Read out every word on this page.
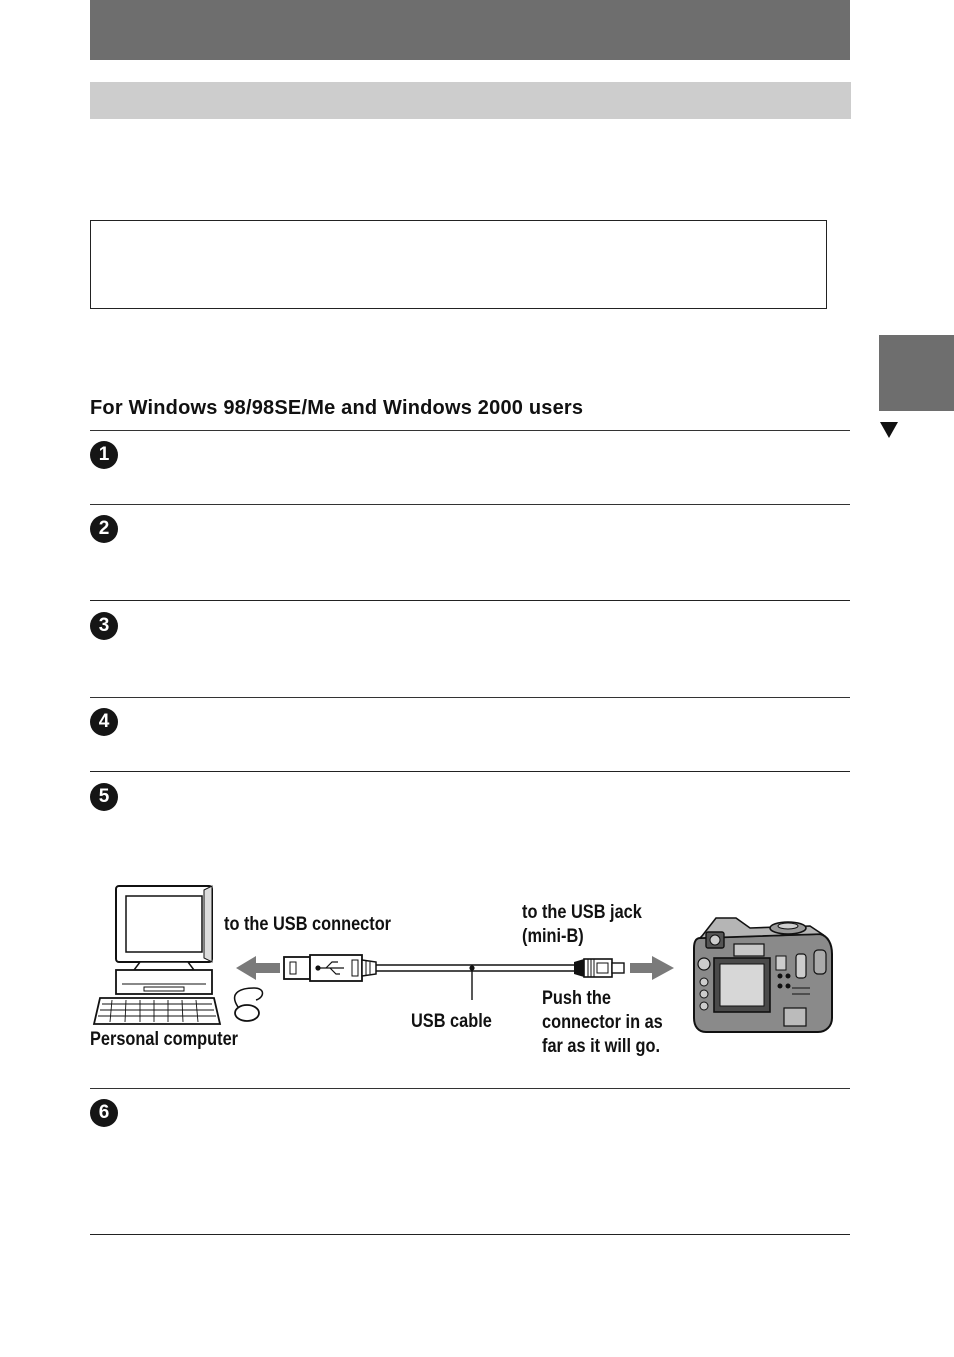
For Windows 98/98SE/Me and Windows 2000 users
1
2
3
4
5
6
to the USB connector
to the USB jack
(mini-B)
USB cable
Push the
connector in as
far as it will go.
Personal computer
